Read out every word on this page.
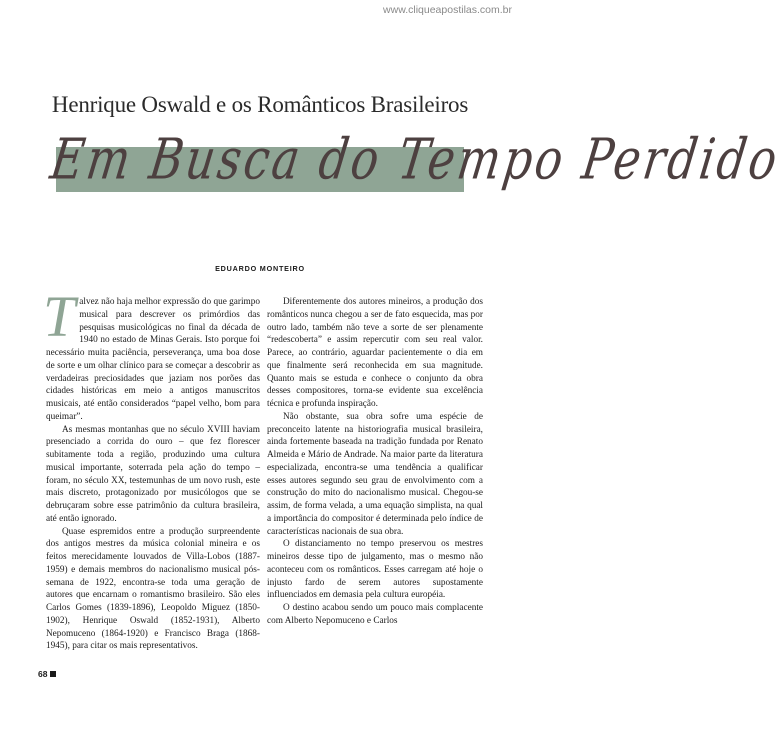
www.cliqueapostilas.com.br
Henrique Oswald e os Românticos Brasileiros
Em Busca do Tempo Perdido
EDUARDO MONTEIRO

Talvez não haja melhor expressão do que garimpo musical para descrever os primórdios das pesquisas musicológicas no final da década de 1940 no estado de Minas Gerais. Isto porque foi necessário muita paciência, perseverança, uma boa dose de sorte e um olhar clínico para se começar a descobrir as verdadeiras preciosidades que jaziam nos porões das cidades históricas em meio a antigos manuscritos musicais, até então considerados “papel velho, bom para queimar”.

As mesmas montanhas que no século XVIII haviam presenciado a corrida do ouro – que fez florescer subitamente toda a região, produzindo uma cultura musical importante, soterrada pela ação do tempo – foram, no século XX, testemunhas de um novo rush, este mais discreto, protagonizado por musicólogos que se debruçaram sobre esse patrimônio da cultura brasileira, até então ignorado.

Quase espremidos entre a produção surpreendente dos antigos mestres da música colonial mineira e os feitos merecidamente louvados de Villa-Lobos (1887-1959) e demais membros do nacionalismo musical pós-semana de 1922, encontra-se toda uma geração de autores que encarnam o romantismo brasileiro. São eles Carlos Gomes (1839-1896), Leopoldo Miguez (1850-1902), Henrique Oswald (1852-1931), Alberto Nepomuceno (1864-1920) e Francisco Braga (1868-1945), para citar os mais representativos.

Diferentemente dos autores mineiros, a produção dos românticos nunca chegou a ser de fato esquecida, mas por outro lado, também não teve a sorte de ser plenamente “redescoberta” e assim repercutir com seu real valor. Parece, ao contrário, aguardar pacientemente o dia em que finalmente será reconhecida em sua magnitude. Quanto mais se estuda e conhece o conjunto da obra desses compositores, torna-se evidente sua excelência técnica e profunda inspiração.

Não obstante, sua obra sofre uma espécie de preconceito latente na historiografia musical brasileira, ainda fortemente baseada na tradição fundada por Renato Almeida e Mário de Andrade. Na maior parte da literatura especializada, encontra-se uma tendência a qualificar esses autores segundo seu grau de envolvimento com a construção do mito do nacionalismo musical. Chegou-se assim, de forma velada, a uma equação simplista, na qual a importância do compositor é determinada pelo índice de características nacionais de sua obra.

O distanciamento no tempo preservou os mestres mineiros desse tipo de julgamento, mas o mesmo não aconteceu com os românticos. Esses carregam até hoje o injusto fardo de serem autores supostamente influenciados em demasia pela cultura européia.

O destino acabou sendo um pouco mais complacente com Alberto Nepomuceno e Carlos

68
